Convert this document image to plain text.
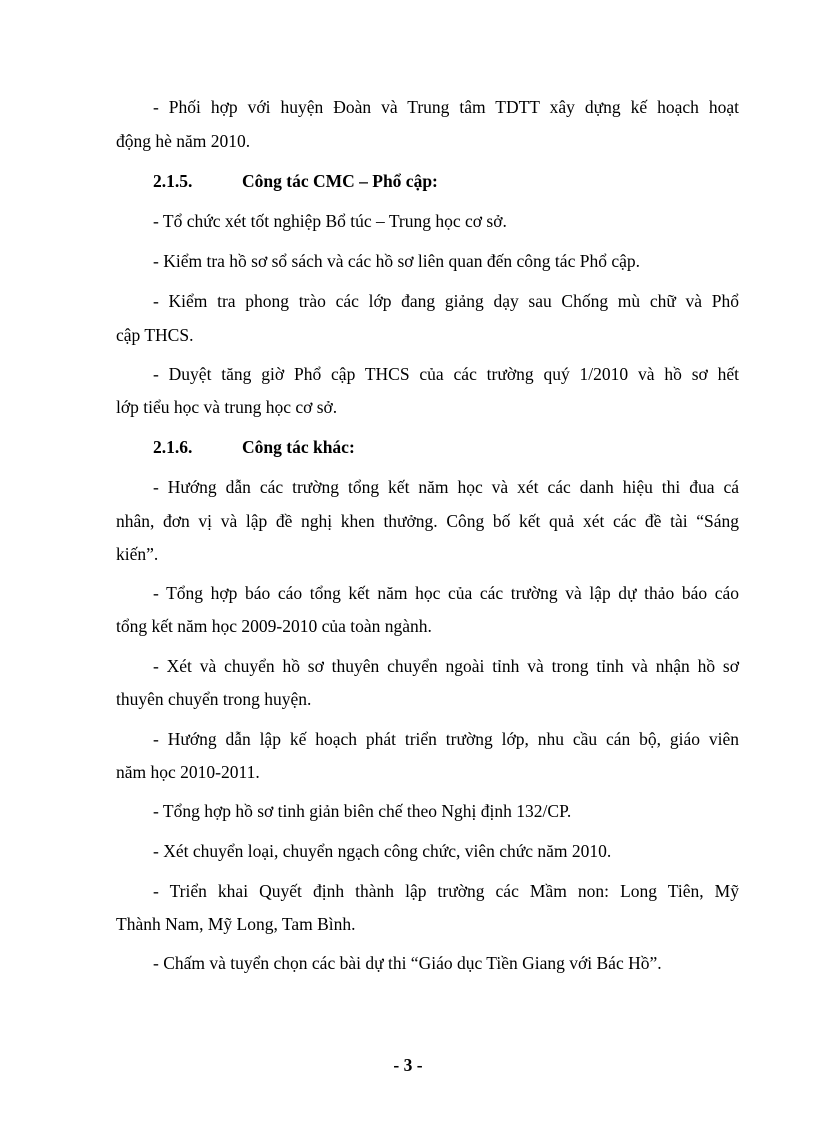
- Phối hợp với huyện Đoàn và Trung tâm TDTT xây dựng kế hoạch hoạt
động hè năm 2010.
2.1.5.	Công tác CMC – Phổ cập:
- Tổ chức xét tốt nghiệp Bổ túc – Trung học cơ sở.
- Kiểm tra hồ sơ sổ sách và các hồ sơ liên quan đến công tác Phổ cập.
- Kiểm tra phong trào các lớp đang giảng dạy sau Chống mù chữ và Phổ
cập THCS.
- Duyệt tăng giờ Phổ cập THCS của các trường quý 1/2010 và hồ sơ hết
lớp tiểu học và trung học cơ sở.
2.1.6.	Công tác khác:
- Hướng dẫn các trường tổng kết năm học và xét các danh hiệu thi đua cá
nhân, đơn vị và lập đề nghị khen thưởng. Công bố kết quả xét các đề tài “Sáng
kiến”.
- Tổng hợp báo cáo tổng kết năm học của các trường và lập dự thảo báo cáo
tổng kết năm học 2009-2010 của toàn ngành.
- Xét và chuyển hồ sơ thuyên chuyển ngoài tỉnh và trong tỉnh và nhận hồ sơ
thuyên chuyển trong huyện.
- Hướng dẫn lập kế hoạch phát triển trường lớp, nhu cầu cán bộ, giáo viên
năm học 2010-2011.
- Tổng hợp hồ sơ tinh giản biên chế theo Nghị định 132/CP.
- Xét chuyển loại, chuyển ngạch công chức, viên chức năm 2010.
- Triển khai Quyết định thành lập trường các Mầm non: Long Tiên, Mỹ
Thành Nam, Mỹ Long, Tam Bình.
- Chấm và tuyển chọn các bài dự thi “Giáo dục Tiền Giang với Bác Hồ”.
- 3 -
